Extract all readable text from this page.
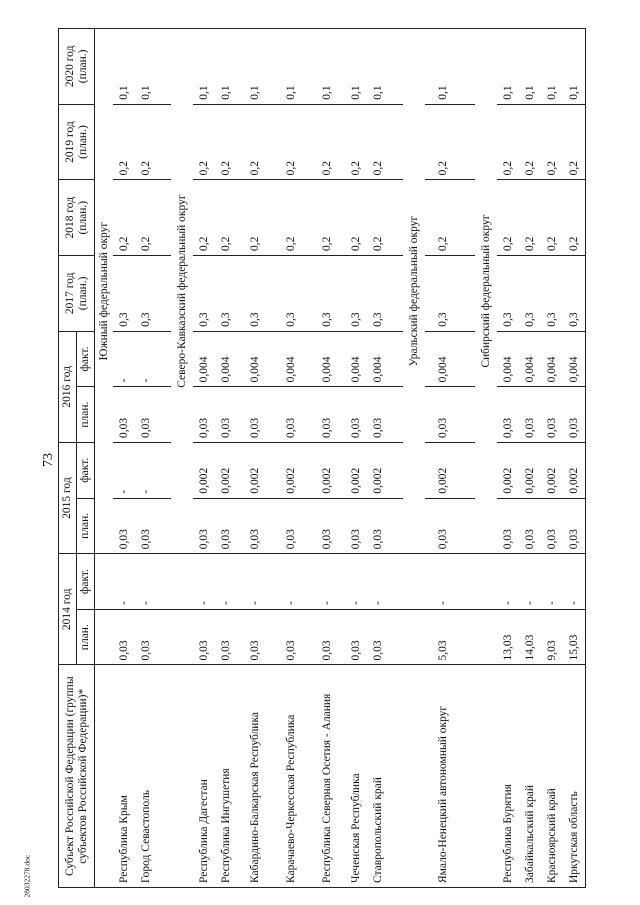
73
28032278.doc
Субъект Российской Федерации (группы субъектов Российской Федерации)*	2014 год		2015 год		2016 год		2017 год (план.)	2018 год (план.)	2019 год (план.)	2020 год (план.)
	план.	факт.	план.	факт.	план.	факт.				
			Южный федеральный округ							
Республика Крым	0,03	-	0,03	-	0,03	-	0,3	0,2	0,2	0,1
Город Севастополь	0,03	-	0,03	-	0,03	-	0,3	0,2	0,2	0,1

			Северо-Кавказский федеральный округ							
Республика Дагестан	0,03	-	0,03	0,002	0,03	0,004	0,3	0,2	0,2	0,1
Республика Ингушетия	0,03	-	0,03	0,002	0,03	0,004	0,3	0,2	0,2	0,1
Кабардино-Балкарская Республика	0,03	-	0,03	0,002	0,03	0,004	0,3	0,2	0,2	0,1
Карачаево-Черкесская Республика	0,03	-	0,03	0,002	0,03	0,004	0,3	0,2	0,2	0,1
Республика Северная Осетия - Алания	0,03	-	0,03	0,002	0,03	0,004	0,3	0,2	0,2	0,1
Чеченская Республика	0,03	-	0,03	0,002	0,03	0,004	0,3	0,2	0,2	0,1
Ставропольский край	0,03	-	0,03	0,002	0,03	0,004	0,3	0,2	0,2	0,1

			Уральский федеральный округ							
Ямало-Ненецкий автономный округ	5,03	-	0,03	0,002	0,03	0,004	0,3	0,2	0,2	0,1

			Сибирский федеральный округ							
Республика Бурятия	13,03	-	0,03	0,002	0,03	0,004	0,3	0,2	0,2	0,1
Забайкальский край	14,03	-	0,03	0,002	0,03	0,004	0,3	0,2	0,2	0,1
Красноярский край	9,03	-	0,03	0,002	0,03	0,004	0,3	0,2	0,2	0,1
Иркутская область	15,03	-	0,03	0,002	0,03	0,004	0,3	0,2	0,2	0,1
